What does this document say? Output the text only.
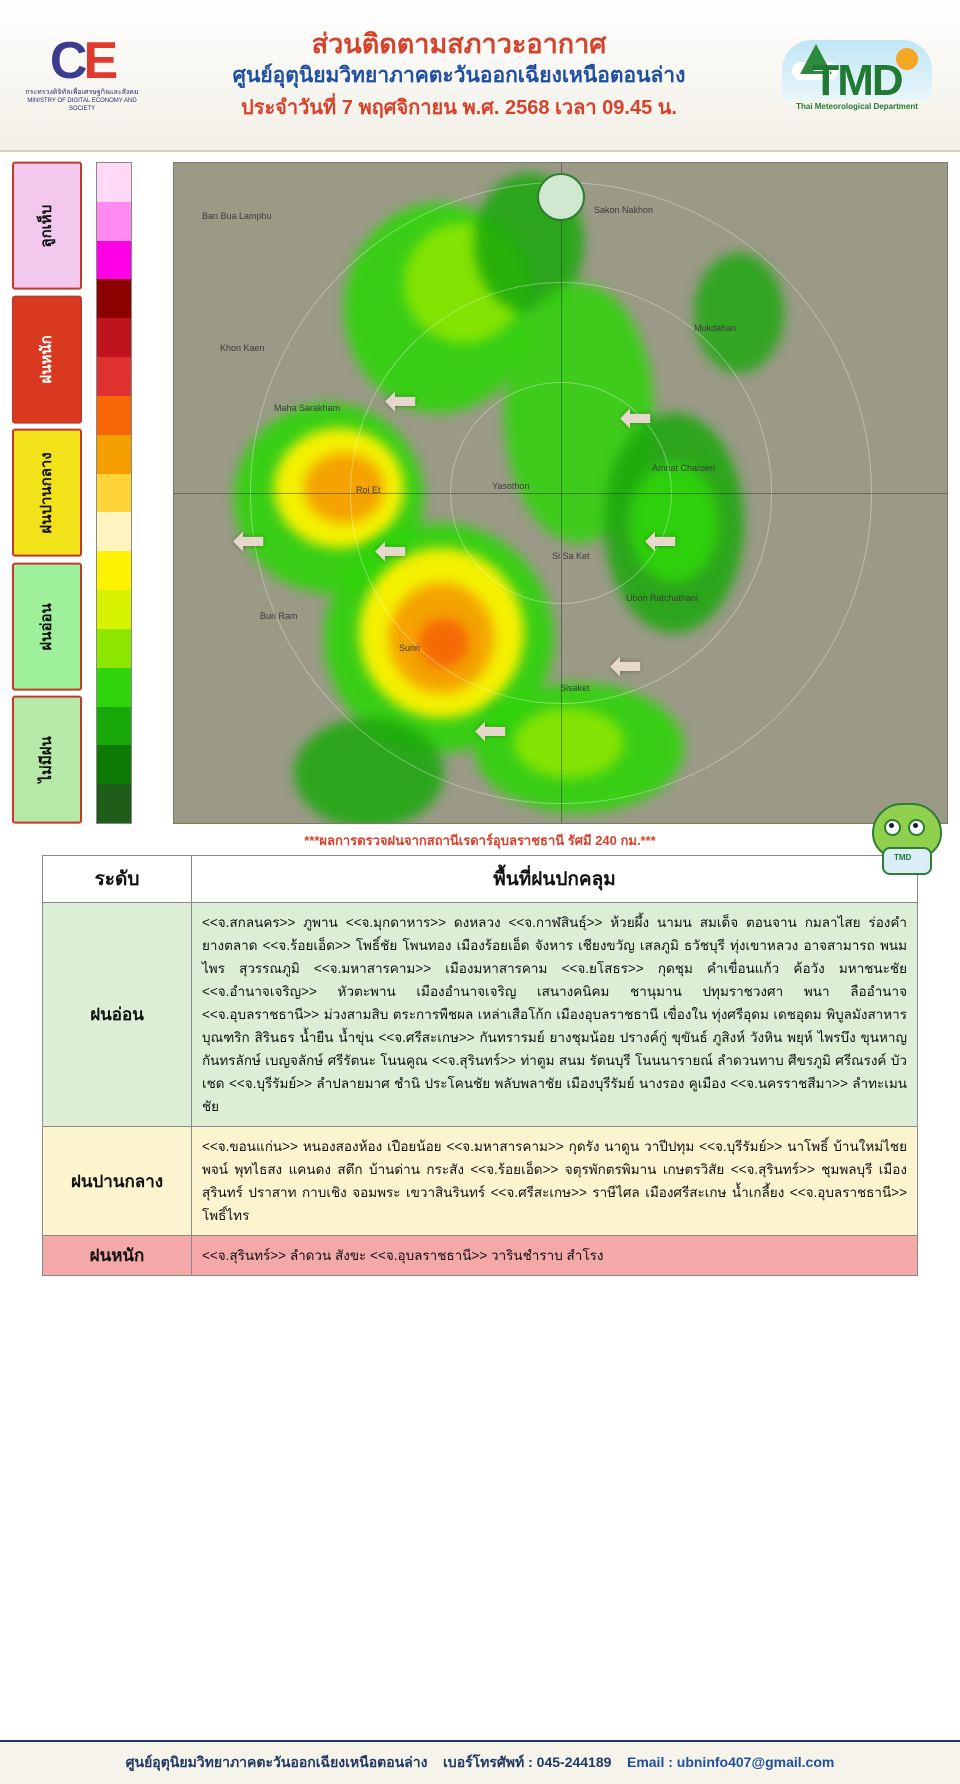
CE
กระทรวงดิจิทัลเพื่อเศรษฐกิจและสังคม
MINISTRY OF DIGITAL ECONOMY AND SOCIETY
ส่วนติดตามสภาวะอากาศ
ศูนย์อุตุนิยมวิทยาภาคตะวันออกเฉียงเหนือตอนล่าง
ประจำวันที่ 7 พฤศจิกายน พ.ศ. 2568 เวลา 09.45 น.
TMD
Thai Meteorological Department
ลูกเห็บ
ฝนหนัก
ฝนปานกลาง
ฝนอ่อน
ไม่มีฝน
Ban Bua Lamphu
Khon Kaen
Maha Sarakham
Sakon Nakhon
Mukdahan
Roi Et	Yasothon
Amnat Charoen
Buri Ram
Surin
Si Sa Ket
Ubon Ratchathani
Sisaket
⬅	⬅
⬅	⬅	⬅
⬅
⬅
***ผลการตรวจฝนจากสถานีเรดาร์อุบลราชธานี รัศมี 240 กม.***
TMD
ระดับ	พื้นที่ฝนปกคลุม
ฝนอ่อน	<<จ.สกลนคร>> ภูพาน <<จ.มุกดาหาร>> ดงหลวง <<จ.กาฬสินธุ์>> ห้วยผึ้ง นามน สมเด็จ ตอนจาน กมลาไสย ร่องคำ ยางตลาด <<จ.ร้อยเอ็ด>> โพธิ์ชัย โพนทอง เมืองร้อยเอ็ด จังหาร เชียงขวัญ เสลภูมิ ธวัชบุรี ทุ่งเขาหลวง อาจสามารถ พนมไพร สุวรรณภูมิ <<จ.มหาสารคาม>> เมืองมหาสารคาม <<จ.ยโสธร>> กุดชุม คำเขื่อนแก้ว ค้อวัง มหาชนะชัย <<จ.อำนาจเจริญ>> หัวตะพาน เมืองอำนาจเจริญ เสนางคนิคม ชานุมาน ปทุมราชวงศา พนา ลืออำนาจ <<จ.อุบลราชธานี>> ม่วงสามสิบ ตระการพืชผล เหล่าเสือโก้ก เมืองอุบลราชธานี เขื่องใน ทุ่งศรีอุดม เดชอุดม พิบูลมังสาหาร บุณฑริก สิรินธร น้ำยืน น้ำขุ่น <<จ.ศรีสะเกษ>> กันทรารมย์ ยางชุมน้อย ปรางค์กู่ ขุขันธ์ ภูสิงห์ วังหิน พยุห์ ไพรบึง ขุนหาญ กันทรลักษ์ เบญจลักษ์ ศรีรัตนะ โนนคูณ <<จ.สุรินทร์>> ท่าตูม สนม รัตนบุรี โนนนารายณ์ ลำดวนทาบ ศีขรภูมิ ศรีณรงค์ บัวเชด <<จ.บุรีรัมย์>> ลำปลายมาศ ชำนิ ประโคนชัย พลับพลาชัย เมืองบุรีรัมย์ นางรอง คูเมือง <<จ.นครราชสีมา>> ลำทะเมนชัย
ฝนปานกลาง	<<จ.ขอนแก่น>> หนองสองห้อง เปือยน้อย <<จ.มหาสารคาม>> กุดรัง นาดูน วาปีปทุม <<จ.บุรีรัมย์>> นาโพธิ์ บ้านใหม่ไชยพจน์ พุทไธสง แคนดง สตึก บ้านด่าน กระสัง <<จ.ร้อยเอ็ด>> จตุรพักตรพิมาน เกษตรวิสัย <<จ.สุรินทร์>> ชุมพลบุรี เมืองสุรินทร์ ปราสาท กาบเชิง จอมพระ เขวาสินรินทร์ <<จ.ศรีสะเกษ>> ราษีไศล เมืองศรีสะเกษ น้ำเกลี้ยง <<จ.อุบลราชธานี>> โพธิ์ไทร
ฝนหนัก	<<จ.สุรินทร์>> ลำดวน สังขะ <<จ.อุบลราชธานี>> วารินชำราบ สำโรง
ศูนย์อุตุนิยมวิทยาภาคตะวันออกเฉียงเหนือตอนล่าง เบอร์โทรศัพท์ : 045-244189 Email : ubninfo407@gmail.com
